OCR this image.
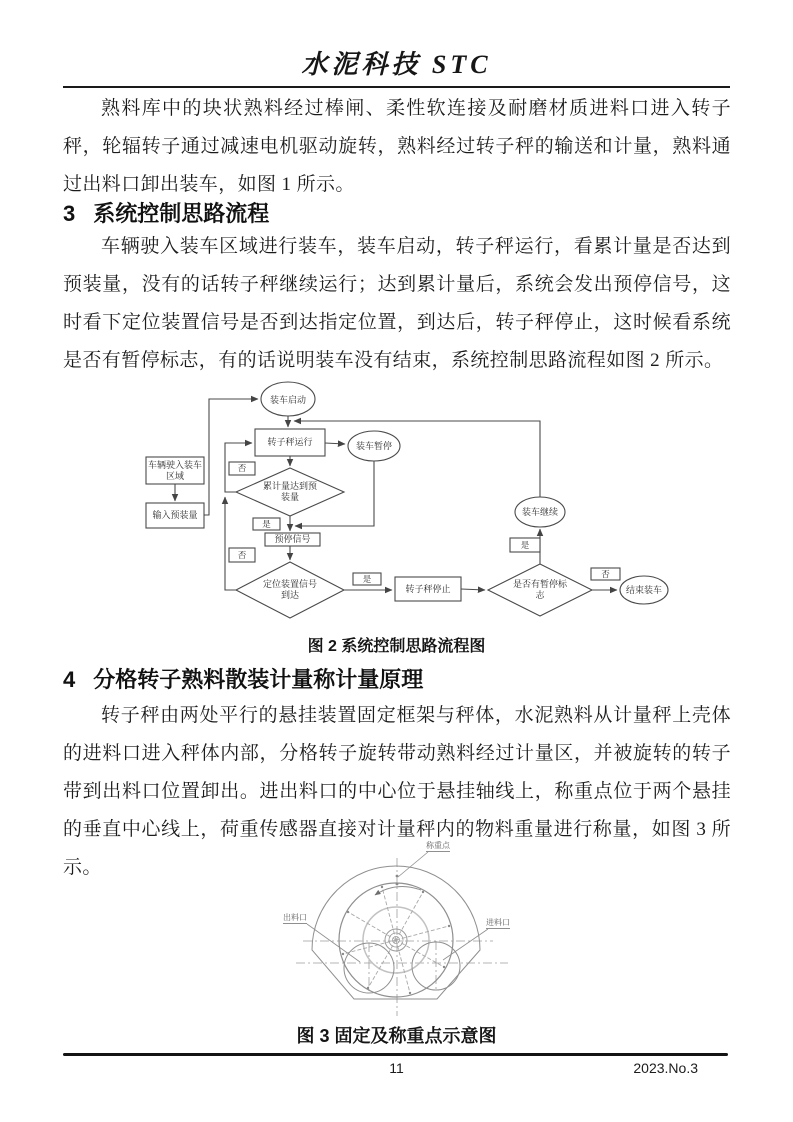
水泥科技 STC
熟料库中的块状熟料经过棒闸、柔性软连接及耐磨材质进料口进入转子秤，轮辐转子通过减速电机驱动旋转，熟料经过转子秤的输送和计量，熟料通过出料口卸出装车，如图 1 所示。
3 系统控制思路流程
车辆驶入装车区域进行装车，装车启动，转子秤运行，看累计量是否达到预装量，没有的话转子秤继续运行；达到累计量后，系统会发出预停信号，这时看下定位装置信号是否到达指定位置，到达后，转子秤停止，这时候看系统是否有暂停标志，有的话说明装车没有结束，系统控制思路流程如图 2 所示。
装车启动
转子秤运行	装车暂停
车辆驶入装车区域
输入预装量
累计量达到预装量
预停信号
定位装置信号到达
转子秤停止	是否有暂停标志
装车继续
结束装车
否
是
否
是
是
否
图 2 系统控制思路流程图
4 分格转子熟料散装计量称计量原理
转子秤由两处平行的悬挂装置固定框架与秤体，水泥熟料从计量秤上壳体的进料口进入秤体内部，分格转子旋转带动熟料经过计量区，并被旋转的转子带到出料口位置卸出。进出料口的中心位于悬挂轴线上，称重点位于两个悬挂的垂直中心线上，荷重传感器直接对计量秤内的物料重量进行称量，如图 3 所示。
称重点
出料口
进料口
图 3 固定及称重点示意图
11	2023.No.3
